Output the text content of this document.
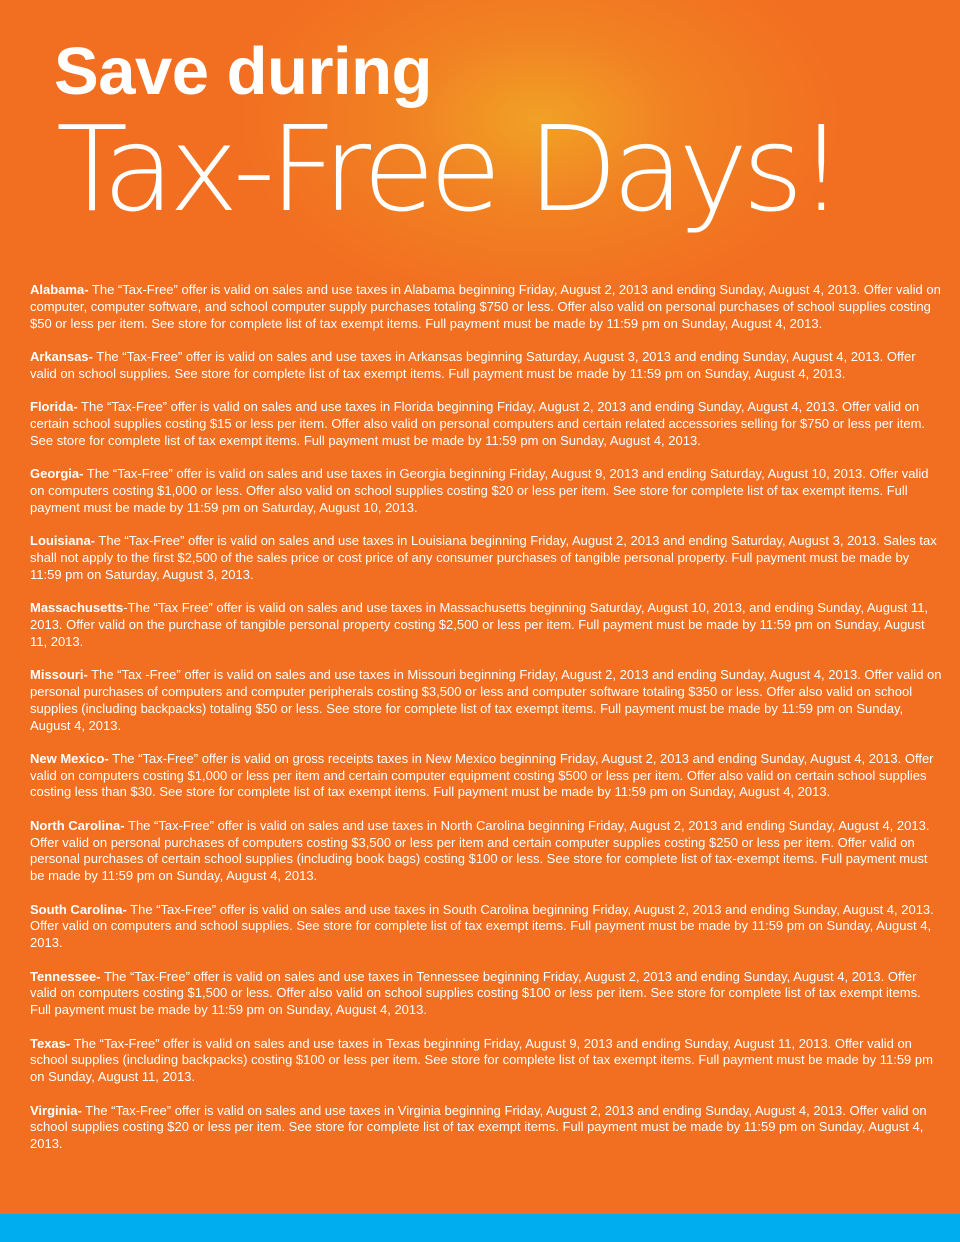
Save during
Tax-Free Days!

Alabama- The “Tax-Free” offer is valid on sales and use taxes in Alabama beginning Friday, August 2, 2013 and ending Sunday, August 4, 2013. Offer valid on computer, computer software, and school computer supply purchases totaling $750 or less. Offer also valid on personal purchases of school supplies costing $50 or less per item. See store for complete list of tax exempt items. Full payment must be made by 11:59 pm on Sunday, August 4, 2013.

Arkansas- The “Tax-Free” offer is valid on sales and use taxes in Arkansas beginning Saturday, August 3, 2013 and ending Sunday, August 4, 2013. Offer valid on school supplies. See store for complete list of tax exempt items. Full payment must be made by 11:59 pm on Sunday, August 4, 2013.

Florida- The “Tax-Free” offer is valid on sales and use taxes in Florida beginning Friday, August 2, 2013 and ending Sunday, August 4, 2013. Offer valid on certain school supplies costing $15 or less per item. Offer also valid on personal computers and certain related accessories selling for $750 or less per item. See store for complete list of tax exempt items. Full payment must be made by 11:59 pm on Sunday, August 4, 2013.

Georgia- The “Tax-Free” offer is valid on sales and use taxes in Georgia beginning Friday, August 9, 2013 and ending Saturday, August 10, 2013. Offer valid on computers costing $1,000 or less. Offer also valid on school supplies costing $20 or less per item. See store for complete list of tax exempt items. Full payment must be made by 11:59 pm on Saturday, August 10, 2013.

Louisiana- The “Tax-Free” offer is valid on sales and use taxes in Louisiana beginning Friday, August 2, 2013 and ending Saturday, August 3, 2013. Sales tax shall not apply to the first $2,500 of the sales price or cost price of any consumer purchases of tangible personal property. Full payment must be made by 11:59 pm on Saturday, August 3, 2013.

Massachusetts-The “Tax Free” offer is valid on sales and use taxes in Massachusetts beginning Saturday, August 10, 2013, and ending Sunday, August 11, 2013. Offer valid on the purchase of tangible personal property costing $2,500 or less per item. Full payment must be made by 11:59 pm on Sunday, August 11, 2013.

Missouri- The “Tax -Free” offer is valid on sales and use taxes in Missouri beginning Friday, August 2, 2013 and ending Sunday, August 4, 2013. Offer valid on personal purchases of computers and computer peripherals costing $3,500 or less and computer software totaling $350 or less. Offer also valid on school supplies (including backpacks) totaling $50 or less. See store for complete list of tax exempt items. Full payment must be made by 11:59 pm on Sunday, August 4, 2013.

New Mexico- The “Tax-Free” offer is valid on gross receipts taxes in New Mexico beginning Friday, August 2, 2013 and ending Sunday, August 4, 2013. Offer valid on computers costing $1,000 or less per item and certain computer equipment costing $500 or less per item. Offer also valid on certain school supplies costing less than $30. See store for complete list of tax exempt items. Full payment must be made by 11:59 pm on Sunday, August 4, 2013.

North Carolina- The “Tax-Free” offer is valid on sales and use taxes in North Carolina beginning Friday, August 2, 2013 and ending Sunday, August 4, 2013. Offer valid on personal purchases of computers costing $3,500 or less per item and certain computer supplies costing $250 or less per item. Offer valid on personal purchases of certain school supplies (including book bags) costing $100 or less. See store for complete list of tax-exempt items. Full payment must be made by 11:59 pm on Sunday, August 4, 2013.

South Carolina- The “Tax-Free” offer is valid on sales and use taxes in South Carolina beginning Friday, August 2, 2013 and ending Sunday, August 4, 2013. Offer valid on computers and school supplies. See store for complete list of tax exempt items. Full payment must be made by 11:59 pm on Sunday, August 4, 2013.

Tennessee- The “Tax-Free” offer is valid on sales and use taxes in Tennessee beginning Friday, August 2, 2013 and ending Sunday, August 4, 2013. Offer valid on computers costing $1,500 or less. Offer also valid on school supplies costing $100 or less per item. See store for complete list of tax exempt items. Full payment must be made by 11:59 pm on Sunday, August 4, 2013.

Texas- The “Tax-Free” offer is valid on sales and use taxes in Texas beginning Friday, August 9, 2013 and ending Sunday, August 11, 2013. Offer valid on school supplies (including backpacks) costing $100 or less per item. See store for complete list of tax exempt items. Full payment must be made by 11:59 pm on Sunday, August 11, 2013.

Virginia- The “Tax-Free” offer is valid on sales and use taxes in Virginia beginning Friday, August 2, 2013 and ending Sunday, August 4, 2013. Offer valid on school supplies costing $20 or less per item. See store for complete list of tax exempt items. Full payment must be made by 11:59 pm on Sunday, August 4, 2013.
